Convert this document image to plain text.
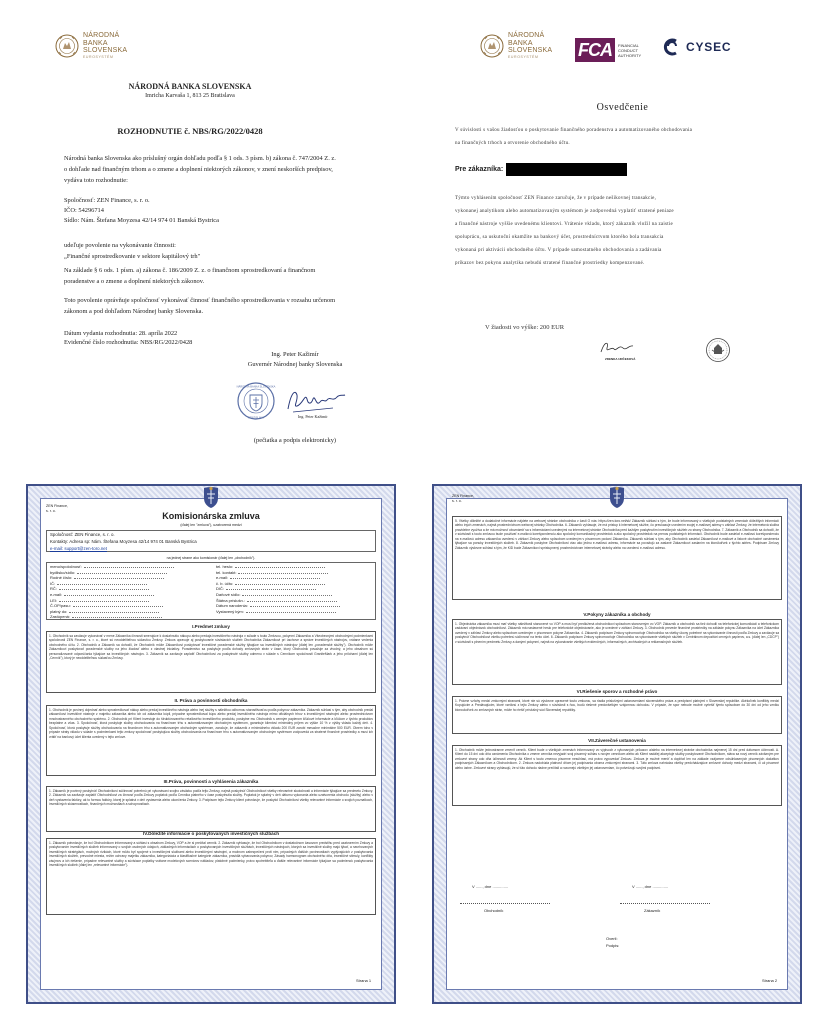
NÁRODNÁ
BANKA
SLOVENSKA
EUROSYSTÉM
NÁRODNÁ BANKA SLOVENSKA
Imricha Karvaša 1, 813 25 Bratislava
ROZHODNUTIE č. NBS/RG/2022/0428
Národná banka Slovenska ako príslušný orgán dohľadu podľa § 1 ods. 3 písm. b) zákona č. 747/2004 Z. z.
o dohľade nad finančným trhom a o zmene a doplnení niektorých zákonov, v znení neskorších predpisov,
vydáva toto rozhodnutie:
Spoločnosť: ZEN Finance, s. r. o.
IČO: 54296714
Sídlo: Nám. Štefana Moyzesa 42/14 974 01 Banská Bystrica
udeľuje povolenie na vykonávanie činnosti:
„Finančné sprostredkovanie v sektore kapitálový trh"
Na základe § 6 ods. 1 písm. a) zákona č. 186/2009 Z. z. o finančnom sprostredkovaní a finančnom
poradenstve a o zmene a doplnení niektorých zákonov.
Toto povolenie oprávňuje spoločnosť vykonávať činnosť finančného sprostredkovania v rozsahu určenom
zákonom a pod dohľadom Národnej banky Slovenska.
Dátum vydania rozhodnutia: 28. apríla 2022
Evidenčné číslo rozhodnutia: NBS/RG/2022/0428
Ing. Peter Kažimír
Guvernér Národnej banky Slovenska
NÁRODNÁ BANKA SLOVENSKA
BRATISLAVA	Ing. Peter Kažimír
(pečiatka a podpis elektronicky)
NÁRODNÁ
BANKA
SLOVENSKA
EUROSYSTÉM
Osvedčenie
V súvislosti s vašou žiadosťou o poskytovanie finančného poradenstva a automatizovaného obchodovania
na finančných trhoch a otvorenie obchodného účtu.
Pre zákazníka:
Týmto vyhlásením spoločnosť ZEN Finance zaručuje, že v prípade nešikovnej transakcie,
vykonanej analytikom alebo automatizovaným systémom je zodpovedná vyplatiť stratené peniaze
a finančné nástroje vyššie uvedenému klientovi. Vrátenie vkladu, ktorý zákazník vložil na zaistie
spoluprácu, sa uskutoční okamžite na bankový účet, prostredníctvom ktorého bola transakcia
vykonaná pri aktivácii obchodného účtu. V prípade samostatného obchodovania a zadávania
príkazov bez pokynu analytika nebudú stratené finančné prostriedky kompenzované.
V žiadosti vo výške: 200 EUR
ZDENKA URČEKOVÁ
FCA	FINANCIAL
CONDUCT
AUTHORITY
CYSEC
ZEN Finance,
s. r. o.
Komisionárska zmluva
(ďalej len "zmluva"), uzatvorená medzi
Spoločnosť: ZEN Finance, s. r. o.
Kontakty: Adresa sp: Nám. Štefana Moyzesa 42/14 974 01 Banská Bystrica
e-mail: support@zen-toro.net
na jednej strane ako komisionár (ďalej len „obchodník").
meno/spoločnosť:
bydlisko/sídlo:
Rodné číslo:
IČ:
RČ:
e-mail:
LEI:
Č.OP/pasu:
platný do:
Zastúpená:
tel. heslo:
tel. kontakt:
e-mail:
č. b. účtu:
DIČ:
Daňové sídlo:
Štátna príslušn.:
Dátum narodenia:
Vystavený kým:
I.Predmet zmluvy
1. Obchodník sa zaväzuje vykonávať v mene Zákazníka činnosti smerujúce k dosiahnutiu nákupu alebo predaja investičného nástroja v súlade s touto Zmluvou, pokynmi Zákazníka a Všeobecnými obchodnými podmienkami spoločnosti ZEN Finance, s. r. o., ktoré sú neoddeliteľnou súčasťou Zmluvy. Zmluva upravuje aj poskytovanie súvisiacich služieb Obchodníka Zákazníkovi pri úschove a správe investičných nástrojov, vrátane vedenia obchodného účtu. 2. Obchodník a Zákazník sa dohodli, že Obchodník môže Zákazníkovi poskytovať investičné poradenské služby týkajúce sa investičných nástrojov (ďalej len „poradenské služby"). Obchodník môže Zákazníkovi poskytovať poradenské služby na jeho žiadosť alebo z vlastnej iniciatívy. Poradenstvo sa poskytuje podľa dohody zmluvných strán v čase, ktorý Obchodník považuje za vhodný, a jeho obsahom sú personalizované odporúčania týkajúce sa investičných nástrojov. 3. Zákazník sa zaväzuje zaplatiť Obchodníkovi za poskytnuté služby odmenu v súlade s Cenníkom spoločnosti GraniteMark a jeho prílohami (ďalej len „Cenník"), ktorý je neoddeliteľnou súčasťou Zmluvy.
II. Práva a povinnosti obchodníka
1. Obchodník je povinný dojednať alebo sprostredkovať nákup alebo predaj investičného nástroja alebo inej služby s náležitou odbornou starostlivosťou podľa pokynov zákazníka. Zákazník súhlasí s tým, aby obchodník predal zákazníkovi investičné nástroje z majetku zákazníka alebo ich od zákazníka kúpil, prípadne sprostredkoval kúpu alebo predaj investičného nástroja mimo oficiálnych trhov s investičnými nástrojmi alebo prostredníctvom mnohostranného obchodného systému. 2. Obchodník pri Klient investuje do štruktúrovaného retailového investičného produktu, poskytne mu Obchodník s cenným papierom kľúčové informácie a kľúčom z týchto produktov bezplatne a včas. 3. Spoločnosť, ktorá poskytuje služby obchodovania na finančnom trhu s automatizovaným obchodným systémom, garantuje klientovi minimálny príjem vo výške 10 % z výšky vkladu každý deň. 4. Spoločnosť, ktorá poskytuje služby obchodovania na finančnom trhu s automatizovaným obchodným systémom, zaručuje, že zákazník z minimálneho vkladu 200 EUR zarobí mesačne minimálne 500 EUR. Okrem toho v prípade straty vkladu v súlade s podmienkami tejto zmluvy spoločnosť poskytujúca služby obchodovania na finančnom trhu s automatizovaným obchodným systémom zodpovedá za stratené finančné prostriedky a musí ich vrátiť na bankový účet klienta uvedený v tejto zmluve.
III.Práva, povinnosti a vyhlásenia zákazníka
1. Zákazník je povinný poskytnúť Obchodníkovi súčinnosť potrebnú pri vykonávaní svojho záväzku podľa tejto Zmluvy, najmä poskytnúť Obchodníkovi všetky relevantné skutočnosti a informácie týkajúce sa predmetu Zmluvy. 2. Zákazník sa zaväzuje zaplatiť Obchodníkovi za činnosť podľa Zmluvy poplatok podľa Cenníka platného v čase poskytnutia služby. Poplatok je splatný v deň dátumu vykonania alebo uzatvorenia obchodu (služby) alebo v deň vystavenia faktúry, ak to formou faktúry, ktorej je splatná v deň vystavenia alebo ukončenia Zmluvy. 3. Podpisom tejto Zmluvy klient potvrdzuje, že poskytol Obchodníkovi všetky relevantné informácie o svojich poznatkoch, investičných skúsenostiach, finančných možnostiach a schopnostiach.
IV.Dôležité informácie o poskytovaných investičných službách
1. Zákazník potvrdzuje, že bol Obchodníkom informovaný a súhlasí s obsahom Zmluvy, VOP a že si prečítal cenník. 2. Zákazník vyhlasuje, že bol Obchodníkom v dostatočnom časovom predstihu pred uzatvorením Zmluvy a poskytovaním investičných služieb informovaný o svojich osobných údajoch, základných informáciách o poskytovaných investičných službách, investičných nástrojoch, ktorých sa investičné služby majú týkať, a navrhovaných investičných stratégiách, možných rizikách, ktoré môžu byť spojené s investičnými službami alebo investičnými nástrojmi, a možnom zabezpečení proti nim, prípadných ďalších povinnostiach vyplývajúcich z poskytovania investičných služieb, prevodné miesta, režim ochrany majetku zákazníka, kategorizácia a klasifikačné kategórie zákazníka, pravidlá vybavovania pokynov, Zásady harmonogram obchodného dňa, investičné stimuly, konflikty záujmov a ich riešenie, prípadne relevantné služby a súvisiace poplatky vrátane modelových scenárov nákladov, platobné podmienky, právo spotrebiteľa a ďalšie relevantné informácie týkajúce sa podmienok poskytovania investičných služieb (ďalej len „relevantné informácie").
Strana 1
ZEN Finance,
s. r. o.
5. Všetky dôležité a dodatočné informácie nájdete na webovej stránke obchodníka v časti O nás: https://zen-toro.net/sk/ Zákazník súhlasí s tým, že bude informovaný o všetkých podstatných zmenách dôležitých informácií alebo iných zmenách, najmä prostredníctvom webovej stránky Obchodníka. 6. Zákazník vyhlasuje, že má prístup k internetovej službe, čo preukazuje uvedením svojej e-mailovej adresy v záhlaví Zmluvy, že internetová služba pravidelne využíva a že má možnosť oboznámiť sa s informáciami uvedenými na internetovej stránke Obchodníka pred každým poskytnutím investičných služieb zo strany Obchodníka. 7. Zákazník a Obchodník sa dohodli, že v súvislosti s touto zmluvou bude používať e-mailovú korešpondenciu ako spoločný komunikačný prostriedok a ako spoločný prostriedok na prenos podstatných informácií. Obchodník bude zasielať e-mailovú korešpondenciu na e-mailovú adresu zákazníka uvedenú v záhlaví Zmluvy alebo spôsobom uvedeným v písomnom podaní Zákazníka. Zákazník súhlasí s tým, aby Obchodník zasielal Zákazníkovi e-mailové a listové obchodné oznámenia týkajúce sa ponuky investičných služieb. 8. Zákazník poskytne Obchodníkovi viac ako jednu e-mailovú adresu, informácie sa považujú za zaslané Zákazníkovi zaslaním na ktorúkoľvek z týchto adries. Podpisom Zmluvy Zákazník výslovne súhlasí s tým, že KID bude Zákazníkovi sprístupnený prostredníctvom internetovej stránky alebo na uvedenú e-mailovú adresu.
V.Pokyny zákazníka a obchody
1. Objednávka zákazníka musí mať všetky náležitosti stanovené vo VOP a musí byť predložená obchodníkovi spôsobom stanoveným vo VOP. Zákazník a obchodník sa tiež dohodli na telefonickej komunikácii a telefonickom zadávaní objednávok obchodníkovi. Zákazník má nastavené heslo pre telefonické objednávanie, ako je uvedené v záhlaví Zmluvy. 3. Obchodník prevede finančné prostriedky na základe pokynu Zákazníka na účet Zákazníka uvedený v záhlaví Zmluvy alebo spôsobom uvedeným v písomnom pokyne Zákazníka. 4. Zákazník podpisom Zmluvy splnomocňuje Obchodníka na všetky úkony potrebné na vykonávanie činností podľa Zmluvy a zaväzuje sa poskytnúť Obchodníkovi všetku potrebnú súčinnosť na tento účel. 6. Zákazník podpisom Zmluvy splnomocňuje Obchodníka na vykonávanie všetkých služieb v Centrálnom depozitári cenných papierov, a.s. (ďalej len „CDCP") v súvislosti s plnením predmetu Zmluvy a danými pokynmi, najmä na vykonávanie všetkých evidenčných, informačných, archivačných a reklamačných služieb.
VI.Riešenie sporov a rozhodné právo
1. Právne vzťahy medzi zmluvnými stranami, ktoré nie sú výslovne upravené touto zmluvou, sa riadia príslušnými ustanoveniami slovenského práva a predpismi platnými v Slovenskej republike. Akékoľvek konflikty medzi Kupujúcim a Predávajúcim, ktoré vzniknú z tejto Zmluvy alebo v súvislosti s ňou, budú riešené predovšetkým vzájomnou dohodou. V prípade, že spor nebude možné vyriešiť týmto spôsobom do 30 dní od jeho vzniku ktoroukoľvek zo zmluvných strán, môže ho riešiť príslušný súd Slovenskej republiky.
VII.Záverečné ustanovenia
1. Obchodník môže jednostranne zmeniť cenník. Klient bude o všetkých zmenách informovaný vo výpisoch z vykonaných príkazov a/alebo na internetovej stránke obchodníka najmenej 15 dní pred dátumom účinnosti. A. Klient do 15 dní odo dňa oznámenia Obchodníka o zmene cenníka nevyjadrí svoj písomný súhlas s novým cenníkom alebo ak Klient nadálej akceptuje služby poskytované Obchodníkom, stáva sa nový cenník záväzným pre zmluvné strany odo dňa účinnosti zmeny. Ak Klient s touto zmenou písomne nesúhlasí, má právo vypovedať Zmluvu. Zmluva je možné meniť a doplňať len na základe vzájomne odsúhlasených písomných dodatkov podpísaných Zákazníkom a Obchodníkom. 2. Zmluva nadobúda platnosť dňom jej podpísania oboma zmluvnými stranami. 3. Táto zmluva nahrádza všetky predchádzajúce zmluvné dohody medzi stranami, či už písomné alebo ústne. Zmluvné strany vyhlasujú, že si túto dohodu riadne prečítali a rozumejú všetkým jej ustanoveniam, čo potvrdzujú svojimi podpismi.
V ......, dne ..............	V ......, dne ..............
Obchodník	Zákazník
Overil:
Podpis:
Strana 2
